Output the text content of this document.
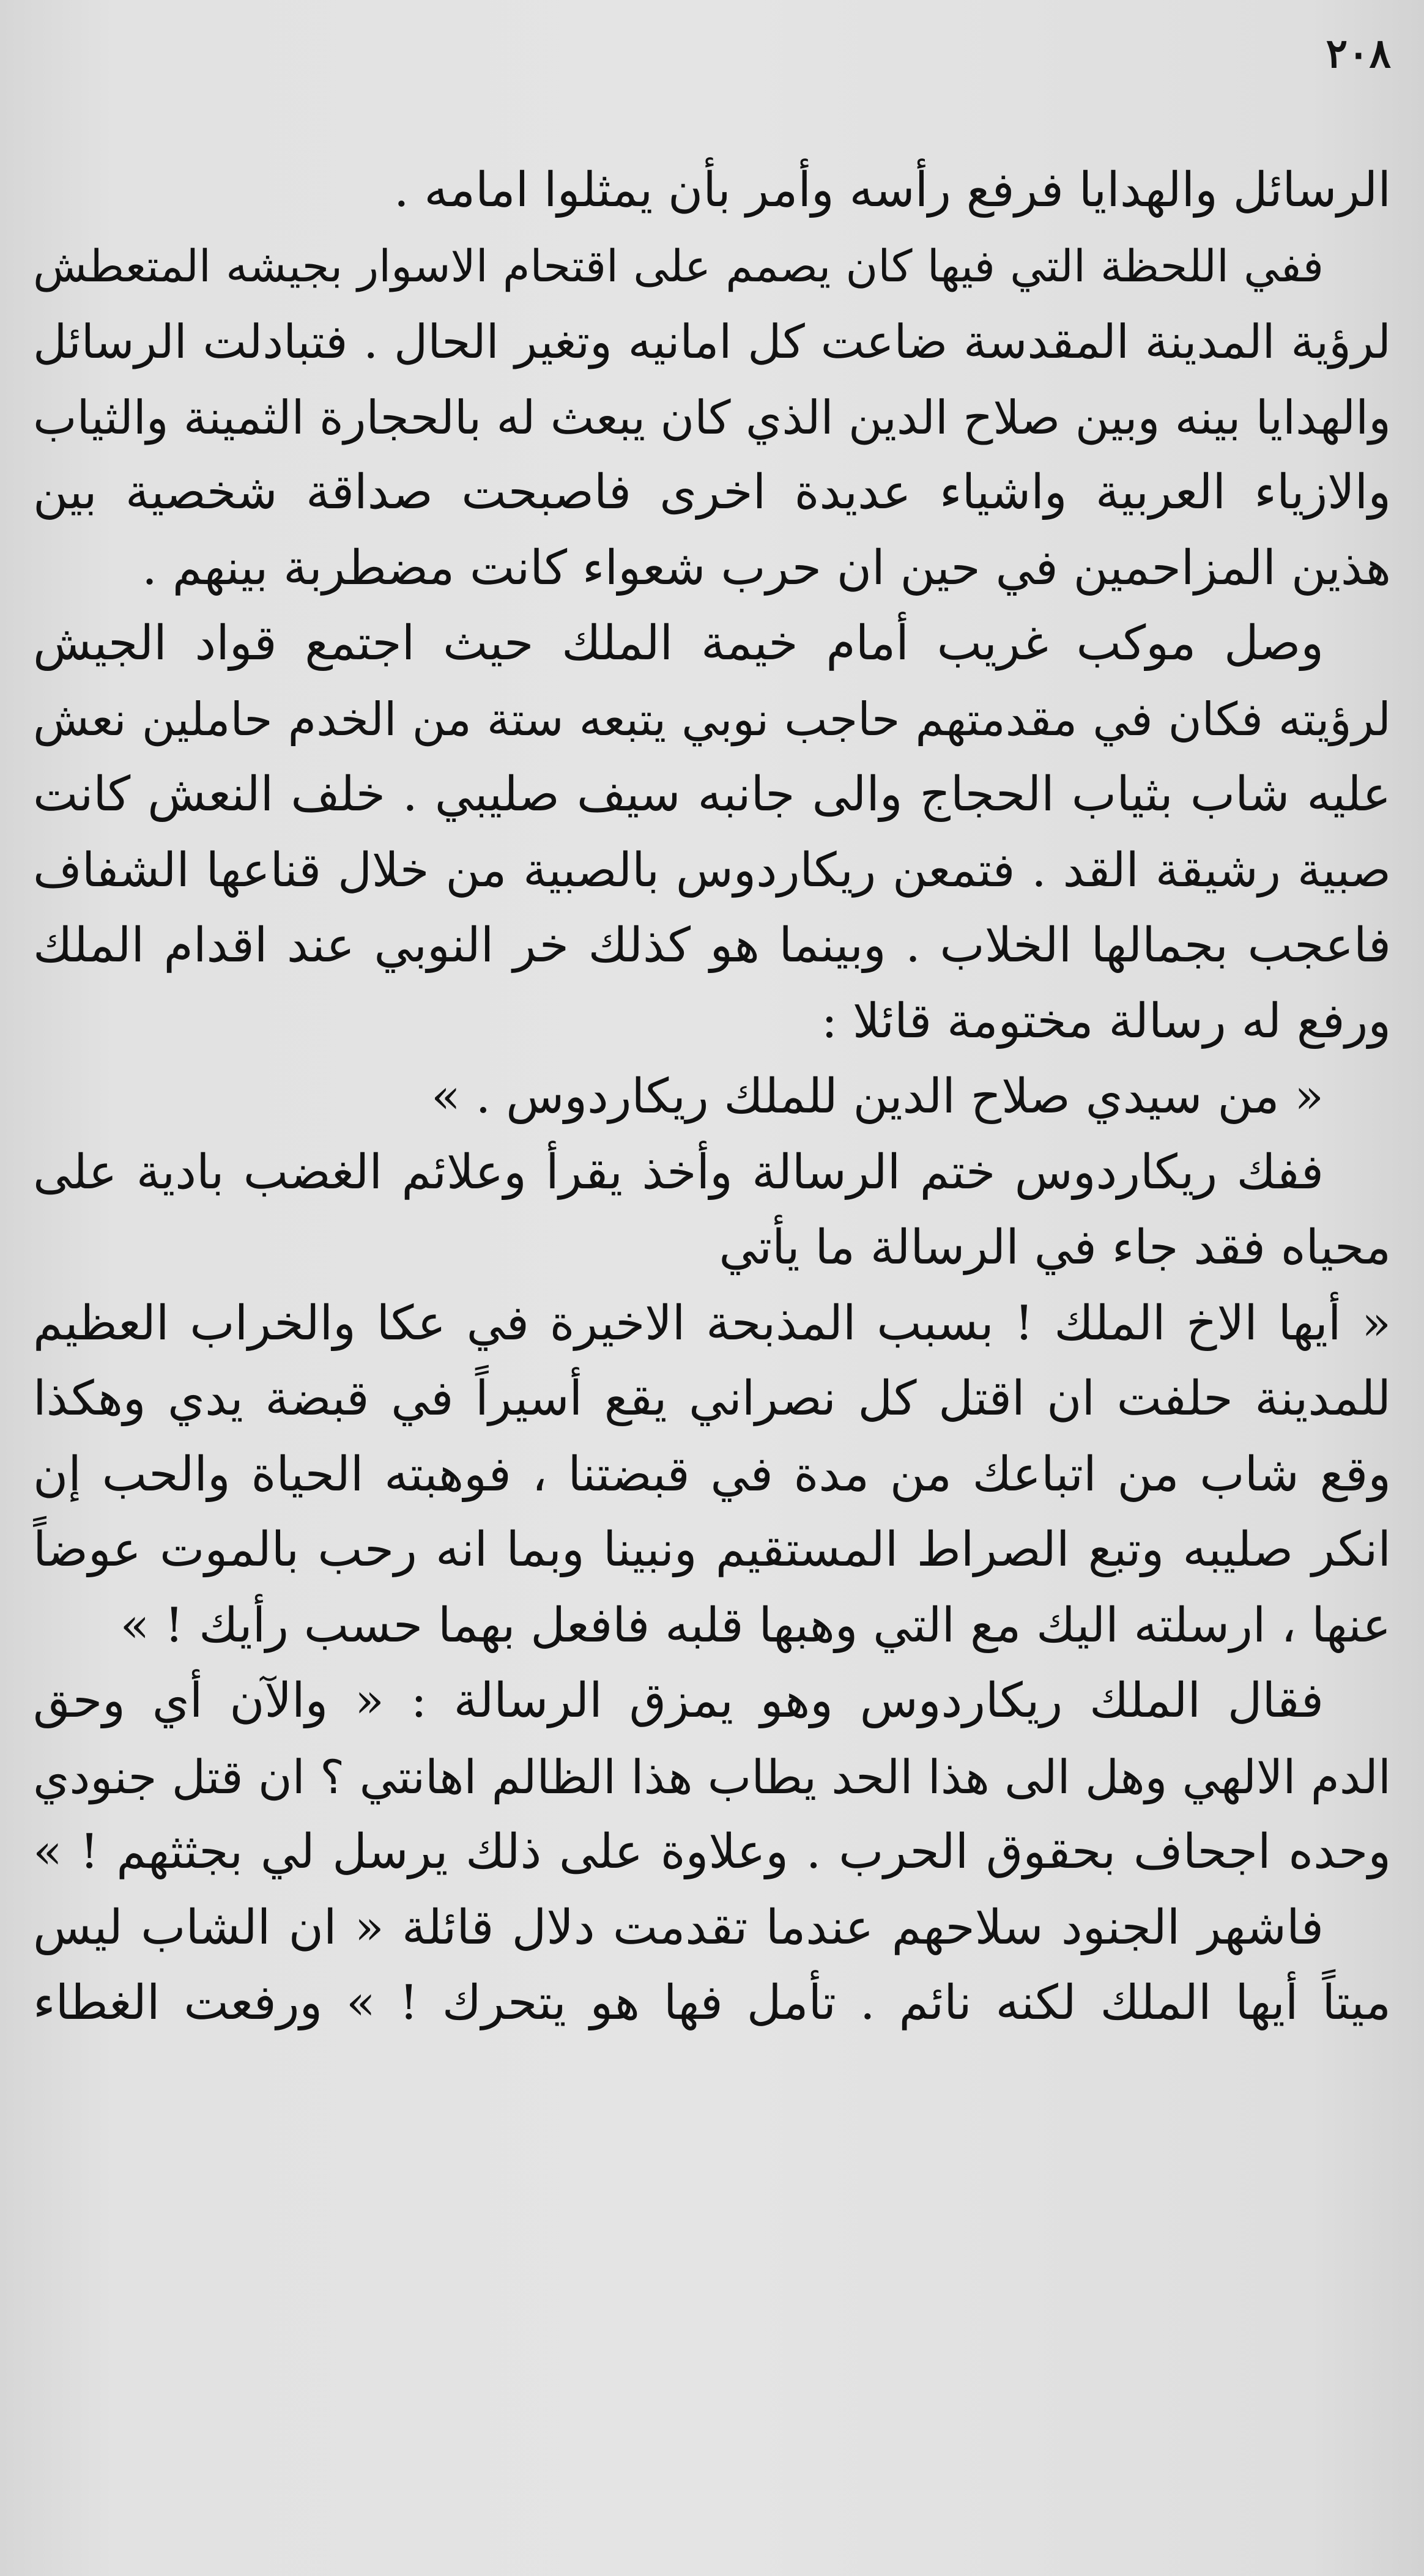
٢٠٨
الرسائل والهدايا فرفع رأسه وأمر بأن يمثلوا امامه .
ففي اللحظة التي فيها كان يصمم على اقتحام الاسوار بجيشه المتعطش
لرؤية المدينة المقدسة ضاعت كل امانيه وتغير الحال . فتبادلت الرسائل
والهدايا بينه وبين صلاح الدين الذي كان يبعث له بالحجارة الثمينة والثياب
والازياء العربية واشياء عديدة اخرى فاصبحت صداقة شخصية بين
هذين المزاحمين في حين ان حرب شعواء كانت مضطربة بينهم .
وصل موكب غريب أمام خيمة الملك حيث اجتمع قواد الجيش
لرؤيته فكان في مقدمتهم حاجب نوبي يتبعه ستة من الخدم حاملين نعش
عليه شاب بثياب الحجاج والى جانبه سيف صليبي . خلف النعش كانت
صبية رشيقة القد . فتمعن ريكاردوس بالصبية من خلال قناعها الشفاف
فاعجب بجمالها الخلاب . وبينما هو كذلك خر النوبي عند اقدام الملك
ورفع له رسالة مختومة قائلا :
« من سيدي صلاح الدين للملك ريكاردوس . »
ففك ريكاردوس ختم الرسالة وأخذ يقرأ وعلائم الغضب بادية على
محياه فقد جاء في الرسالة ما يأتي
« أيها الاخ الملك ! بسبب المذبحة الاخيرة في عكا والخراب العظيم
للمدينة حلفت ان اقتل كل نصراني يقع أسيراً في قبضة يدي وهكذا
وقع شاب من اتباعك من مدة في قبضتنا ، فوهبته الحياة والحب إن
انكر صليبه وتبع الصراط المستقيم ونبينا وبما انه رحب بالموت عوضاً
عنها ، ارسلته اليك مع التي وهبها قلبه فافعل بهما حسب رأيك ! »
فقال الملك ريكاردوس وهو يمزق الرسالة : « والآن أي وحق
الدم الالهي وهل الى هذا الحد يطاب هذا الظالم اهانتي ؟ ان قتل جنودي
وحده اجحاف بحقوق الحرب . وعلاوة على ذلك يرسل لي بجثثهم ! »
فاشهر الجنود سلاحهم عندما تقدمت دلال قائلة « ان الشاب ليس
ميتاً أيها الملك لكنه نائم . تأمل فها هو يتحرك ! » ورفعت الغطاء
